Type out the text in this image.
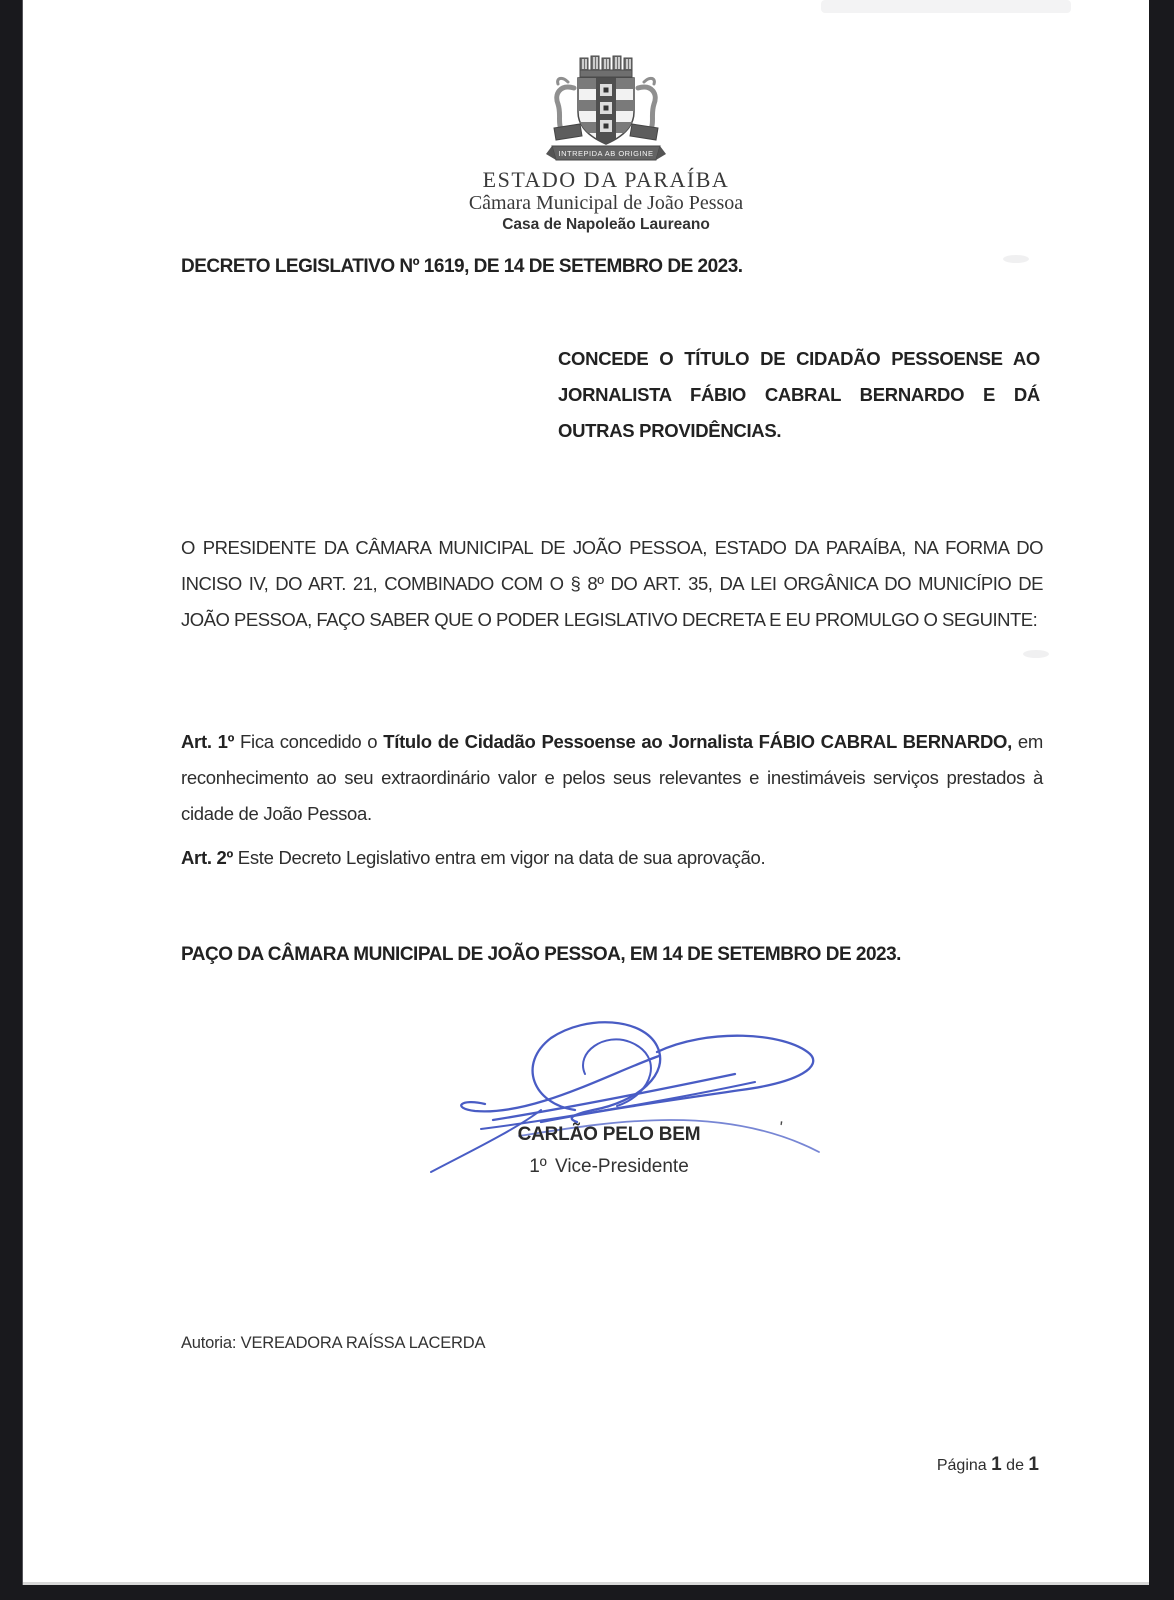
INTREPIDA AB ORIGINE
ESTADO DA PARAÍBA
Câmara Municipal de João Pessoa
Casa de Napoleão Laureano
DECRETO LEGISLATIVO Nº 1619, DE 14 DE SETEMBRO DE 2023.
CONCEDE O TÍTULO DE CIDADÃO PESSOENSE AO JORNALISTA FÁBIO CABRAL BERNARDO E DÁ OUTRAS PROVIDÊNCIAS.
O PRESIDENTE DA CÂMARA MUNICIPAL DE JOÃO PESSOA, ESTADO DA PARAÍBA, NA FORMA DO INCISO IV, DO ART. 21, COMBINADO COM O § 8º DO ART. 35, DA LEI ORGÂNICA DO MUNICÍPIO DE JOÃO PESSOA, FAÇO SABER QUE O PODER LEGISLATIVO DECRETA E EU PROMULGO O SEGUINTE:
Art. 1º Fica concedido o Título de Cidadão Pessoense ao Jornalista FÁBIO CABRAL BERNARDO, em reconhecimento ao seu extraordinário valor e pelos seus relevantes e inestimáveis serviços prestados à cidade de João Pessoa.
Art. 2º Este Decreto Legislativo entra em vigor na data de sua aprovação.
PAÇO DA CÂMARA MUNICIPAL DE JOÃO PESSOA, EM 14 DE SETEMBRO DE 2023.
'
CARLÃO PELO BEM
1º Vice-Presidente
Autoria: VEREADORA RAÍSSA LACERDA
Página 1 de 1
